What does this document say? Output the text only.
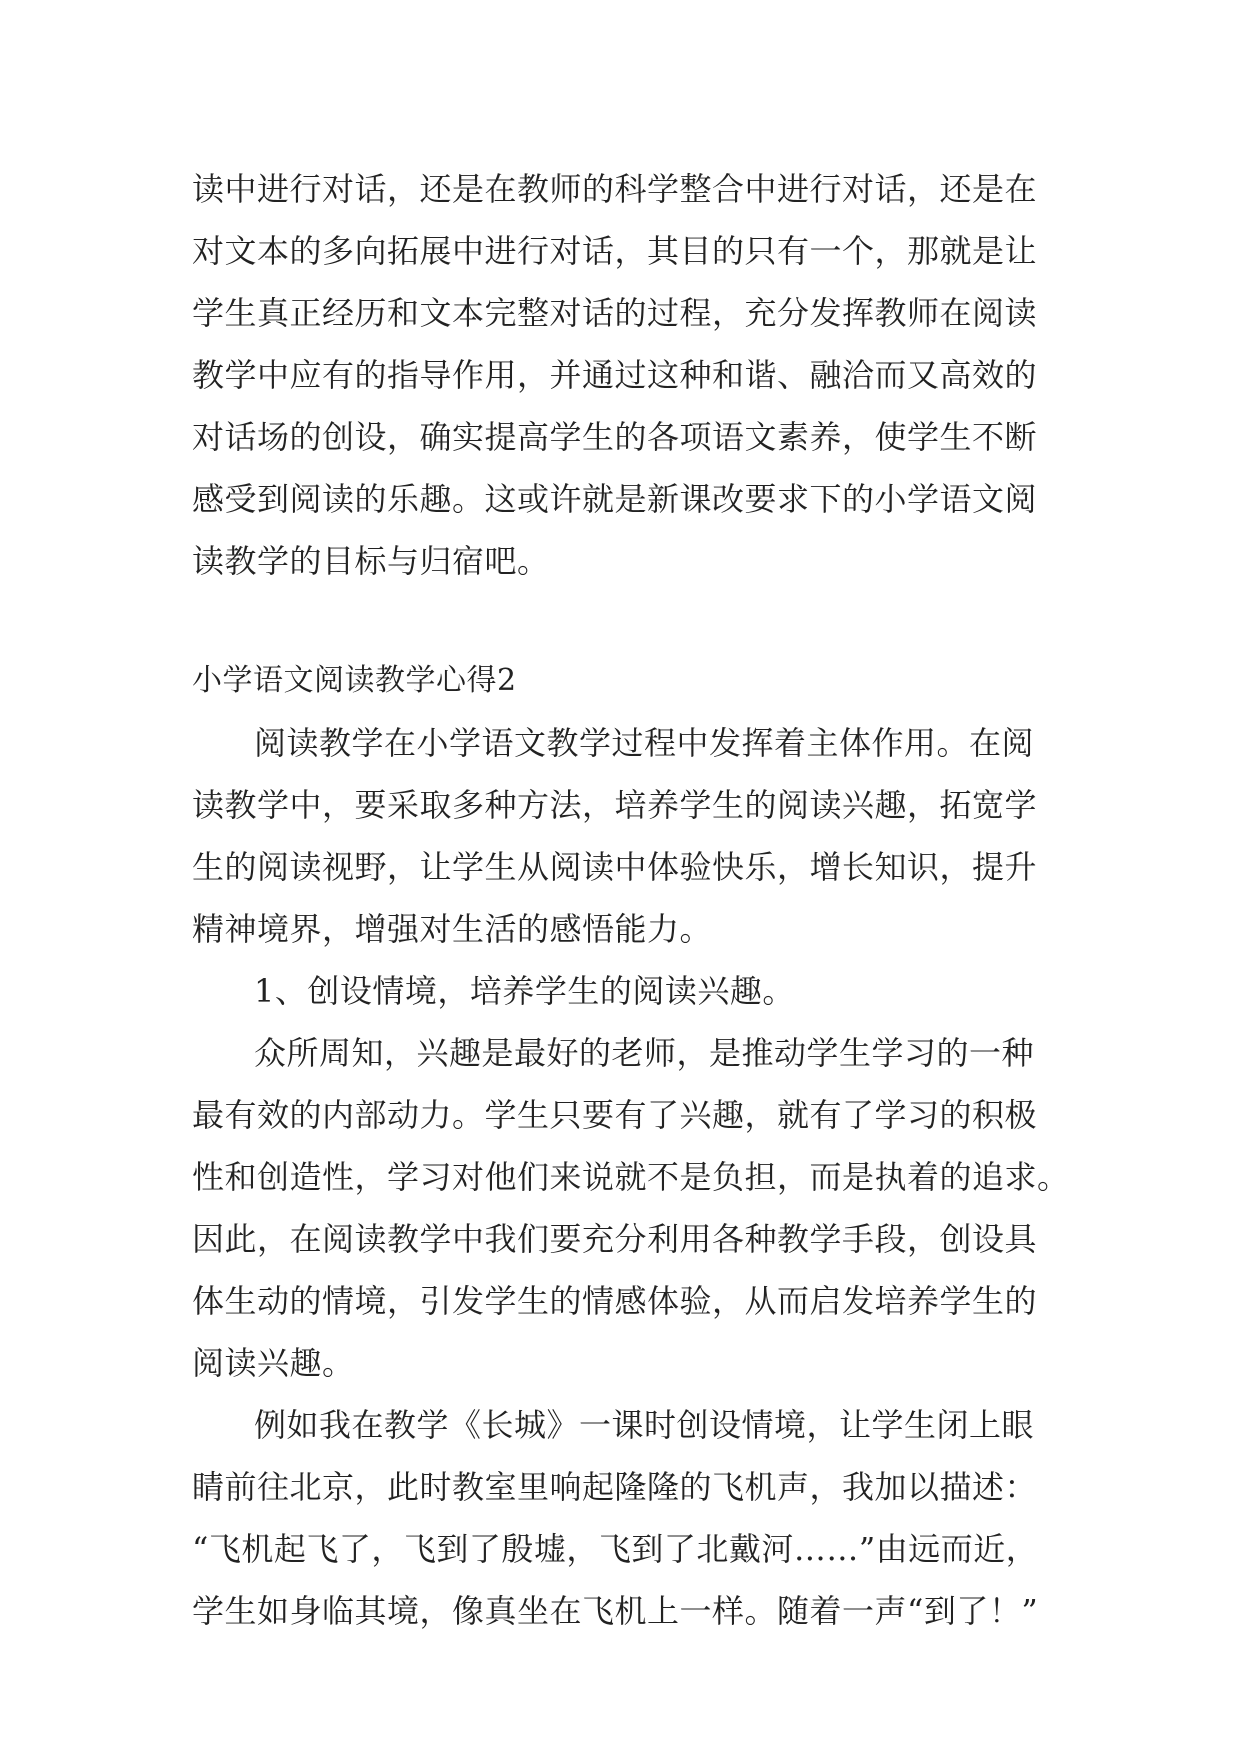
读中进行对话，还是在教师的科学整合中进行对话，还是在
对文本的多向拓展中进行对话，其目的只有一个，那就是让
学生真正经历和文本完整对话的过程，充分发挥教师在阅读
教学中应有的指导作用，并通过这种和谐、融洽而又高效的
对话场的创设，确实提高学生的各项语文素养，使学生不断
感受到阅读的乐趣。这或许就是新课改要求下的小学语文阅
读教学的目标与归宿吧。
小学语文阅读教学心得2
阅读教学在小学语文教学过程中发挥着主体作用。在阅
读教学中，要采取多种方法，培养学生的阅读兴趣，拓宽学
生的阅读视野，让学生从阅读中体验快乐，增长知识，提升
精神境界，增强对生活的感悟能力。
1、创设情境，培养学生的阅读兴趣。
众所周知，兴趣是最好的老师，是推动学生学习的一种
最有效的内部动力。学生只要有了兴趣，就有了学习的积极
性和创造性，学习对他们来说就不是负担，而是执着的追求。
因此，在阅读教学中我们要充分利用各种教学手段，创设具
体生动的情境，引发学生的情感体验，从而启发培养学生的
阅读兴趣。
例如我在教学《长城》一课时创设情境，让学生闭上眼
睛前往北京，此时教室里响起隆隆的飞机声，我加以描述：
“飞机起飞了，飞到了殷墟，飞到了北戴河……”由远而近，
学生如身临其境，像真坐在飞机上一样。随着一声“到了！”
